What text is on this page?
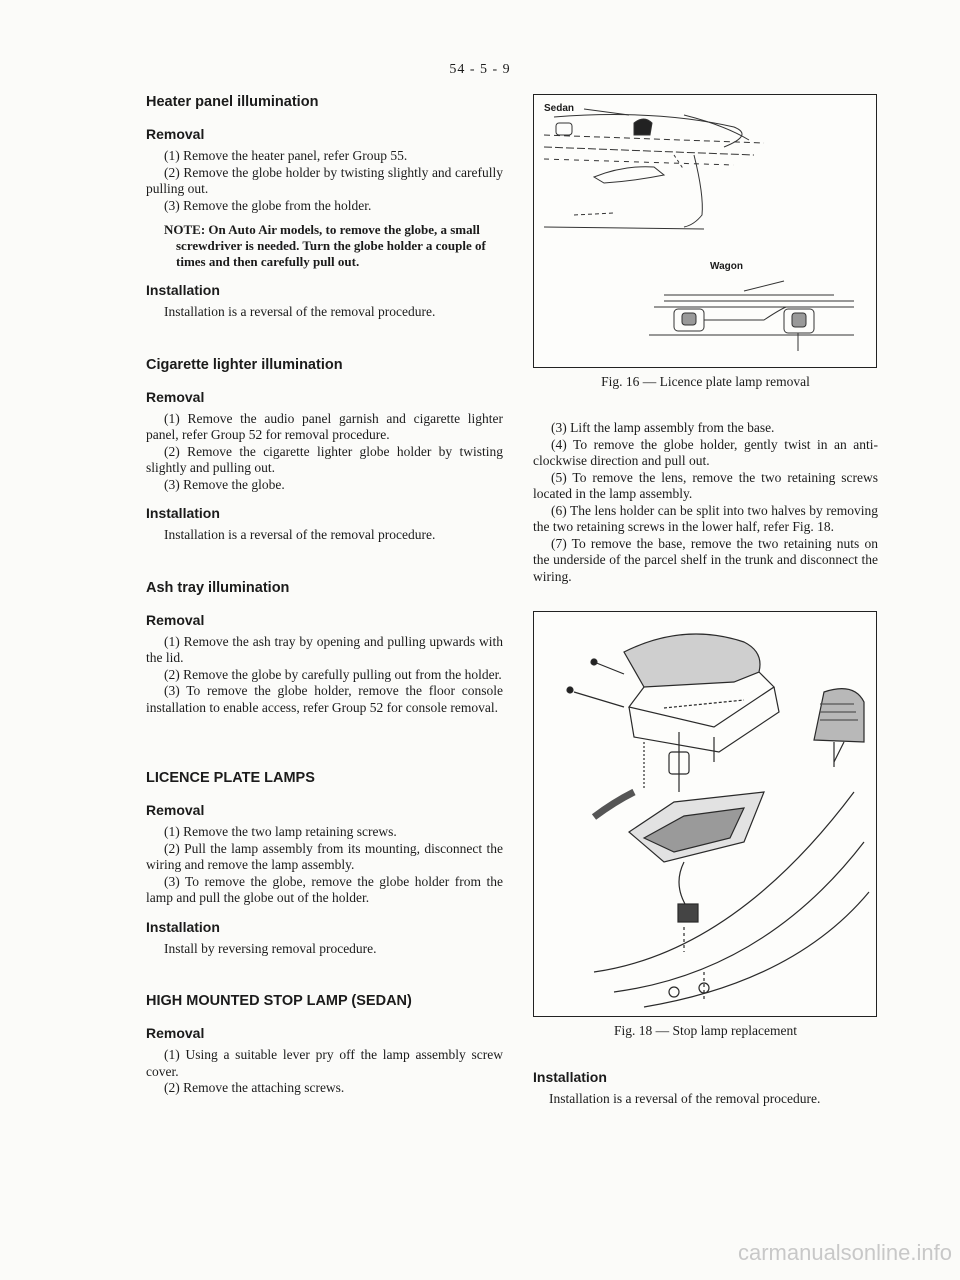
54 - 5 - 9
Heater panel illumination
Removal

(1) Remove the heater panel, refer Group 55.

(2) Remove the globe holder by twisting slightly and carefully pulling out.

(3) Remove the globe from the holder.

NOTE: On Auto Air models, to remove the globe, a small screwdriver is needed. Turn the globe holder a couple of times and then carefully pull out.

Installation

Installation is a reversal of the removal procedure.

Cigarette lighter illumination
Removal

(1) Remove the audio panel garnish and cigarette lighter panel, refer Group 52 for removal procedure.

(2) Remove the cigarette lighter globe holder by twisting slightly and pulling out.

(3) Remove the globe.

Installation

Installation is a reversal of the removal procedure.

Ash tray illumination
Removal

(1) Remove the ash tray by opening and pulling upwards with the lid.

(2) Remove the globe by carefully pulling out from the holder.

(3) To remove the globe holder, remove the floor console installation to enable access, refer Group 52 for console removal.

LICENCE PLATE LAMPS
Removal

(1) Remove the two lamp retaining screws.

(2) Pull the lamp assembly from its mounting, disconnect the wiring and remove the lamp assembly.

(3) To remove the globe, remove the globe holder from the lamp and pull the globe out of the holder.

Installation

Install by reversing removal procedure.

HIGH MOUNTED STOP LAMP (SEDAN)
Removal

(1) Using a suitable lever pry off the lamp assembly screw cover.

(2) Remove the attaching screws.

Sedan
Wagon
Fig. 16 — Licence plate lamp removal

(3) Lift the lamp assembly from the base.

(4) To remove the globe holder, gently twist in an anti-clockwise direction and pull out.

(5) To remove the lens, remove the two retaining screws located in the lamp assembly.

(6) The lens holder can be split into two halves by removing the two retaining screws in the lower half, refer Fig. 18.

(7) To remove the base, remove the two retaining nuts on the underside of the parcel shelf in the trunk and disconnect the wiring.

Fig. 18 — Stop lamp replacement
Installation

Installation is a reversal of the removal procedure.

carmanualsonline.info
